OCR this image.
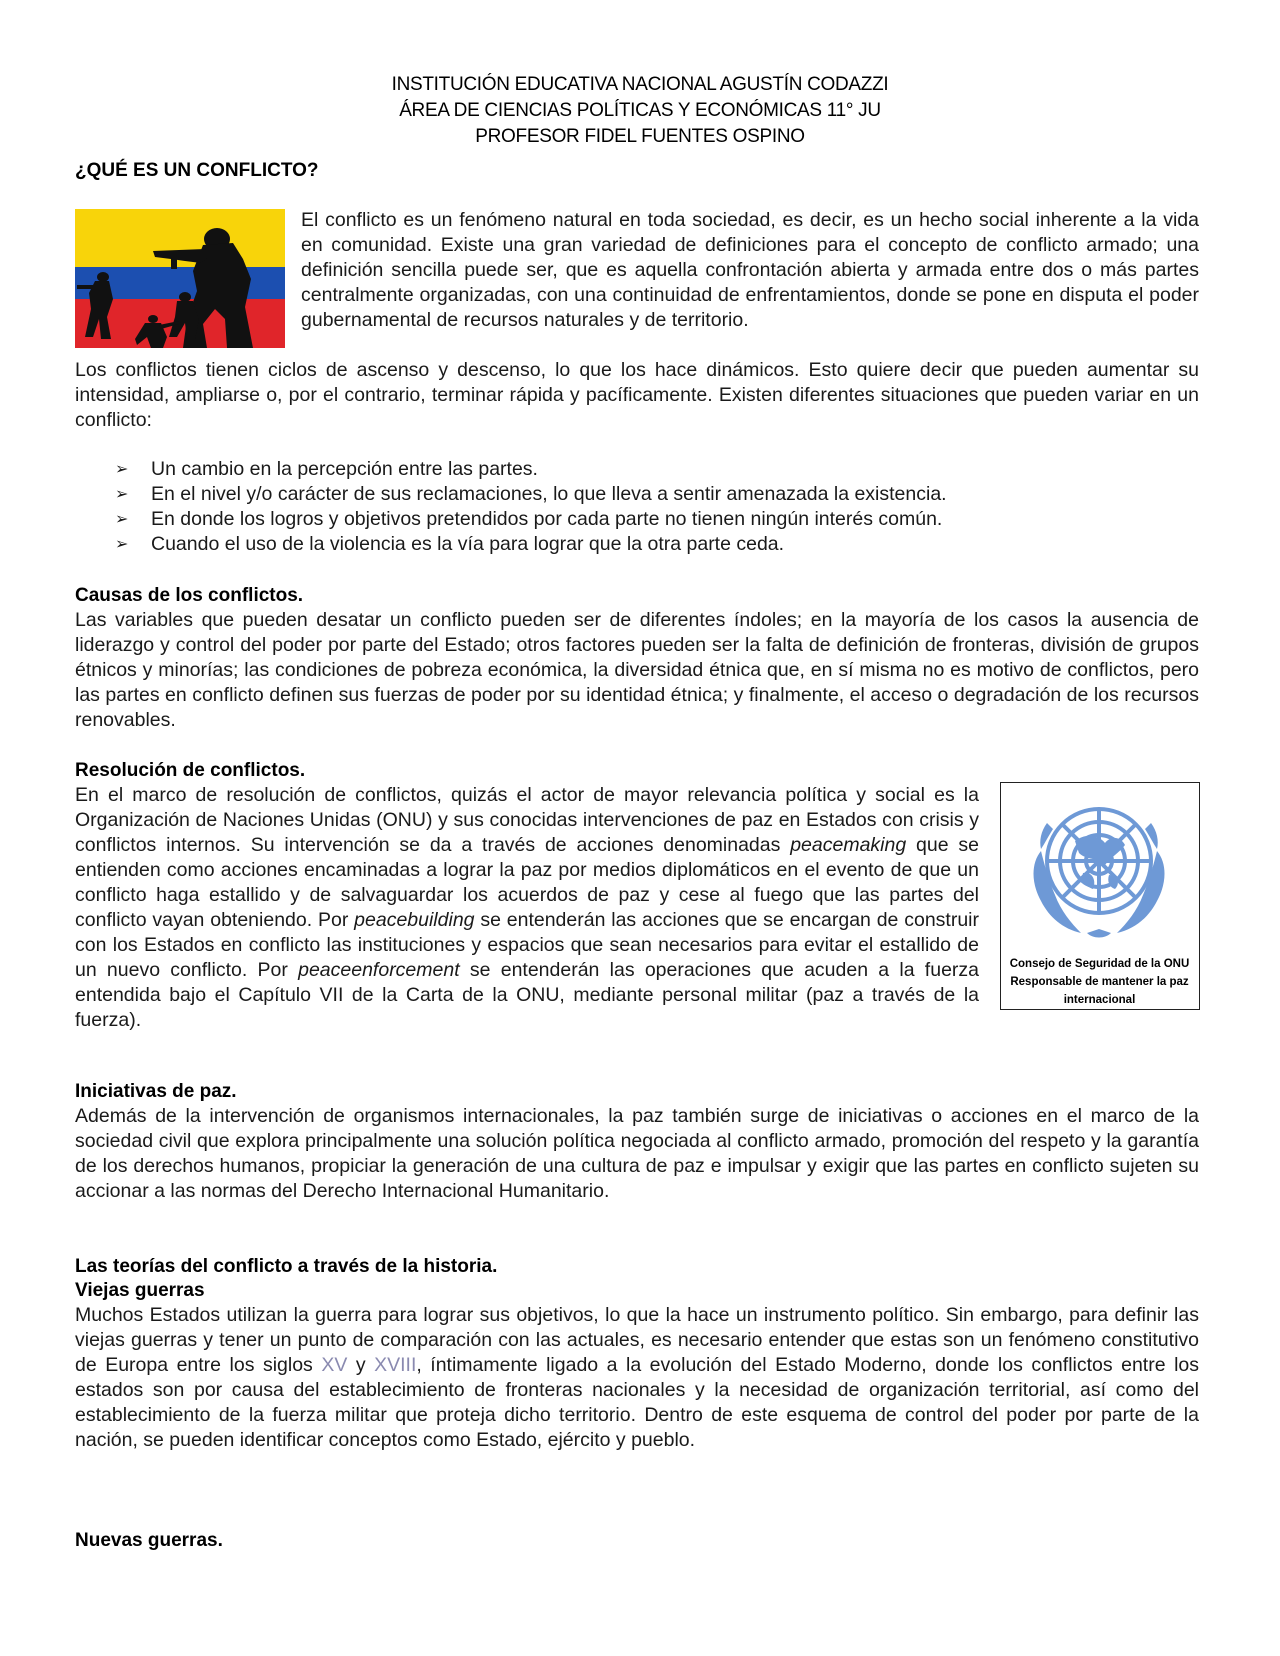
INSTITUCIÓN EDUCATIVA NACIONAL AGUSTÍN CODAZZI
ÁREA DE CIENCIAS POLÍTICAS Y ECONÓMICAS 11° JU
PROFESOR FIDEL FUENTES OSPINO
¿QUÉ ES UN CONFLICTO?
El conflicto es un fenómeno natural en toda sociedad, es decir, es un hecho social inherente a la vida en comunidad. Existe una gran variedad de definiciones para el concepto de conflicto armado; una definición sencilla puede ser, que es aquella confrontación abierta y armada entre dos o más partes centralmente organizadas, con una continuidad de enfrentamientos, donde se pone en disputa el poder gubernamental de recursos naturales y de territorio.
Los conflictos tienen ciclos de ascenso y descenso, lo que los hace dinámicos. Esto quiere decir que pueden aumentar su intensidad, ampliarse o, por el contrario, terminar rápida y pacíficamente. Existen diferentes situaciones que pueden variar en un conflicto:
➢ Un cambio en la percepción entre las partes.
➢ En el nivel y/o carácter de sus reclamaciones, lo que lleva a sentir amenazada la existencia.
➢ En donde los logros y objetivos pretendidos por cada parte no tienen ningún interés común.
➢ Cuando el uso de la violencia es la vía para lograr que la otra parte ceda.
Causas de los conflictos.
Las variables que pueden desatar un conflicto pueden ser de diferentes índoles; en la mayoría de los casos la ausencia de liderazgo y control del poder por parte del Estado; otros factores pueden ser la falta de definición de fronteras, división de grupos étnicos y minorías; las condiciones de pobreza económica, la diversidad étnica que, en sí misma no es motivo de conflictos, pero las partes en conflicto definen sus fuerzas de poder por su identidad étnica; y finalmente, el acceso o degradación de los recursos renovables.
Resolución de conflictos.
En el marco de resolución de conflictos, quizás el actor de mayor relevancia política y social es la Organización de Naciones Unidas (ONU) y sus conocidas intervenciones de paz en Estados con crisis y conflictos internos. Su intervención se da a través de acciones denominadas peacemaking que se entienden como acciones encaminadas a lograr la paz por medios diplomáticos en el evento de que un conflicto haga estallido y de salvaguardar los acuerdos de paz y cese al fuego que las partes del conflicto vayan obteniendo. Por peacebuilding se entenderán las acciones que se encargan de construir con los Estados en conflicto las instituciones y espacios que sean necesarios para evitar el estallido de un nuevo conflicto. Por peaceenforcement se entenderán las operaciones que acuden a la fuerza entendida bajo el Capítulo VII de la Carta de la ONU, mediante personal militar (paz a través de la fuerza).
Consejo de Seguridad de la ONU
Responsable de mantener la paz
internacional
Iniciativas de paz.
Además de la intervención de organismos internacionales, la paz también surge de iniciativas o acciones en el marco de la sociedad civil que explora principalmente una solución política negociada al conflicto armado, promoción del respeto y la garantía de los derechos humanos, propiciar la generación de una cultura de paz e impulsar y exigir que las partes en conflicto sujeten su accionar a las normas del Derecho Internacional Humanitario.
Las teorías del conflicto a través de la historia.
Viejas guerras
Muchos Estados utilizan la guerra para lograr sus objetivos, lo que la hace un instrumento político. Sin embargo, para definir las viejas guerras y tener un punto de comparación con las actuales, es necesario entender que estas son un fenómeno constitutivo de Europa entre los siglos XV y XVIII, íntimamente ligado a la evolución del Estado Moderno, donde los conflictos entre los estados son por causa del establecimiento de fronteras nacionales y la necesidad de organización territorial, así como del establecimiento de la fuerza militar que proteja dicho territorio. Dentro de este esquema de control del poder por parte de la nación, se pueden identificar conceptos como Estado, ejército y pueblo.
Nuevas guerras.
